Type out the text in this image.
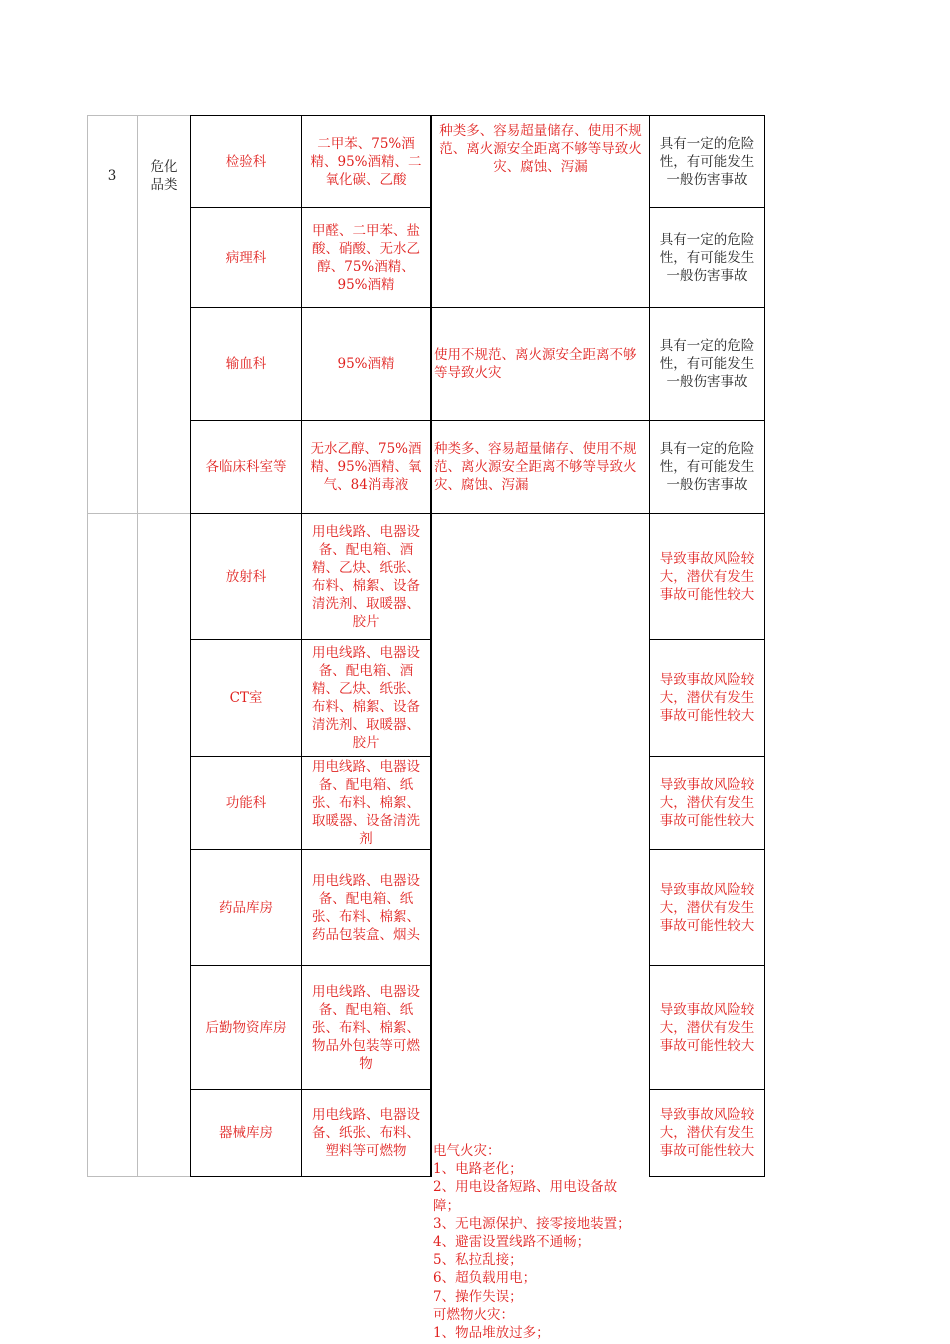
3
危化品类
检验科
二甲苯、75%酒精、95%酒精、二氧化碳、乙酸
种类多、容易超量储存、使用不规范、离火源安全距离不够等导致火灾、腐蚀、泻漏
具有一定的危险性，有可能发生一般伤害事故
病理科
甲醛、二甲苯、盐酸、硝酸、无水乙醇、75%酒精、95%酒精
具有一定的危险性，有可能发生一般伤害事故
输血科	95%酒精
使用不规范、离火源安全距离不够等导致火灾
具有一定的危险性，有可能发生一般伤害事故
各临床科室等
无水乙醇、75%酒精、95%酒精、氧气、84消毒液
种类多、容易超量储存、使用不规范、离火源安全距离不够等导致火灾、腐蚀、泻漏
具有一定的危险性，有可能发生一般伤害事故
放射科
用电线路、电器设备、配电箱、酒精、乙炔、纸张、布料、棉絮、设备清洗剂、取暖器、胶片
导致事故风险较大，潜伏有发生事故可能性较大
CT室
用电线路、电器设备、配电箱、酒精、乙炔、纸张、布料、棉絮、设备清洗剂、取暖器、胶片
导致事故风险较大，潜伏有发生事故可能性较大
功能科
用电线路、电器设备、配电箱、纸张、布料、棉絮、取暖器、设备清洗剂
导致事故风险较大，潜伏有发生事故可能性较大
药品库房
用电线路、电器设备、配电箱、纸张、布料、棉絮、药品包装盒、烟头
导致事故风险较大，潜伏有发生事故可能性较大
后勤物资库房
用电线路、电器设备、配电箱、纸张、布料、棉絮、物品外包装等可燃物
导致事故风险较大，潜伏有发生事故可能性较大
器械库房
用电线路、电器设备、纸张、布料、塑料等可燃物
导致事故风险较大，潜伏有发生事故可能性较大
电气火灾：
1、电路老化；
2、用电设备短路、用电设备故
障；
3、无电源保护、接零接地装置；
4、避雷设置线路不通畅；
5、私拉乱接；
6、超负载用电；
7、操作失误；
可燃物火灾：
1、物品堆放过多；
